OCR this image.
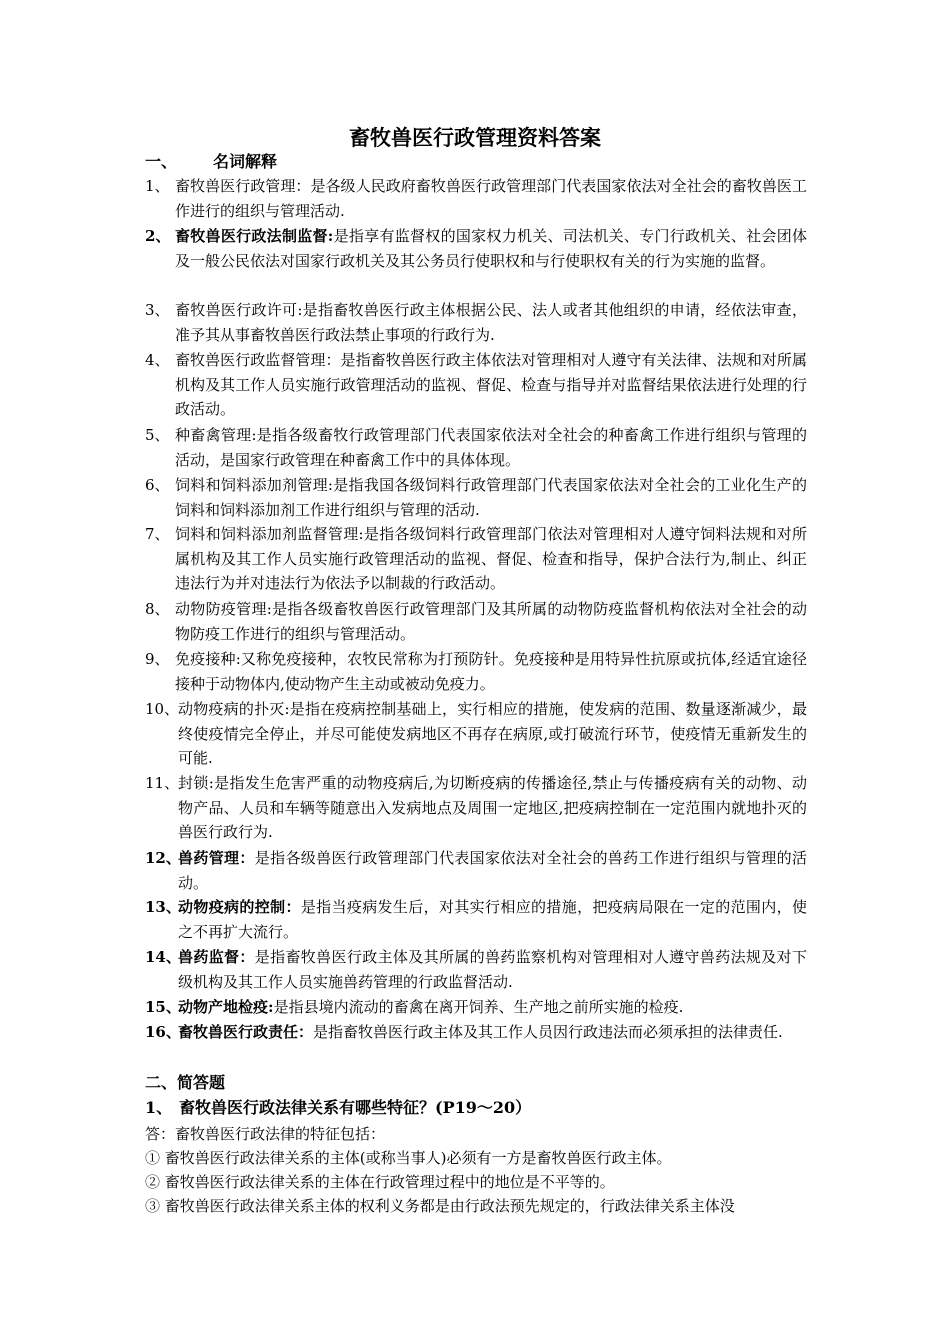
畜牧兽医行政管理资料答案
一、 名词解释
1、 畜牧兽医行政管理：是各级人民政府畜牧兽医行政管理部门代表国家依法对全社会的畜牧兽医工作进行的组织与管理活动.
2、 畜牧兽医行政法制监督:是指享有监督权的国家权力机关、司法机关、专门行政机关、社会团体及一般公民依法对国家行政机关及其公务员行使职权和与行使职权有关的行为实施的监督。
3、 畜牧兽医行政许可:是指畜牧兽医行政主体根据公民、法人或者其他组织的申请，经依法审查，准予其从事畜牧兽医行政法禁止事项的行政行为.
4、 畜牧兽医行政监督管理：是指畜牧兽医行政主体依法对管理相对人遵守有关法律、法规和对所属机构及其工作人员实施行政管理活动的监视、督促、检查与指导并对监督结果依法进行处理的行政活动。
5、 种畜禽管理:是指各级畜牧行政管理部门代表国家依法对全社会的种畜禽工作进行组织与管理的活动，是国家行政管理在种畜禽工作中的具体体现。
6、 饲料和饲料添加剂管理:是指我国各级饲料行政管理部门代表国家依法对全社会的工业化生产的饲料和饲料添加剂工作进行组织与管理的活动.
7、 饲料和饲料添加剂监督管理:是指各级饲料行政管理部门依法对管理相对人遵守饲料法规和对所属机构及其工作人员实施行政管理活动的监视、督促、检查和指导，保护合法行为,制止、纠正违法行为并对违法行为依法予以制裁的行政活动。
8、 动物防疫管理:是指各级畜牧兽医行政管理部门及其所属的动物防疫监督机构依法对全社会的动物防疫工作进行的组织与管理活动。
9、 免疫接种:又称免疫接种，农牧民常称为打预防针。免疫接种是用特异性抗原或抗体,经适宜途径接种于动物体内,使动物产生主动或被动免疫力。
10、
动物疫病的扑灭:是指在疫病控制基础上，实行相应的措施，使发病的范围、数量逐渐减少，最终使疫情完全停止，并尽可能使发病地区不再存在病原,或打破流行环节，使疫情无重新发生的可能.
11、
封锁:是指发生危害严重的动物疫病后,为切断疫病的传播途径,禁止与传播疫病有关的动物、动物产品、人员和车辆等随意出入发病地点及周围一定地区,把疫病控制在一定范围内就地扑灭的兽医行政行为.
12、
兽药管理：是指各级兽医行政管理部门代表国家依法对全社会的兽药工作进行组织与管理的活动。
13、
动物疫病的控制：是指当疫病发生后，对其实行相应的措施，把疫病局限在一定的范围内，使之不再扩大流行。
14、
兽药监督：是指畜牧兽医行政主体及其所属的兽药监察机构对管理相对人遵守兽药法规及对下级机构及其工作人员实施兽药管理的行政监督活动.
15、
动物产地检疫:是指县境内流动的畜禽在离开饲养、生产地之前所实施的检疫.
16、
畜牧兽医行政责任：是指畜牧兽医行政主体及其工作人员因行政违法而必须承担的法律责任.
二、简答题
1、 畜牧兽医行政法律关系有哪些特征？(P19～20）
答：畜牧兽医行政法律的特征包括：
① 畜牧兽医行政法律关系的主体(或称当事人)必须有一方是畜牧兽医行政主体。
② 畜牧兽医行政法律关系的主体在行政管理过程中的地位是不平等的。
③ 畜牧兽医行政法律关系主体的权利义务都是由行政法预先规定的，行政法律关系主体没
